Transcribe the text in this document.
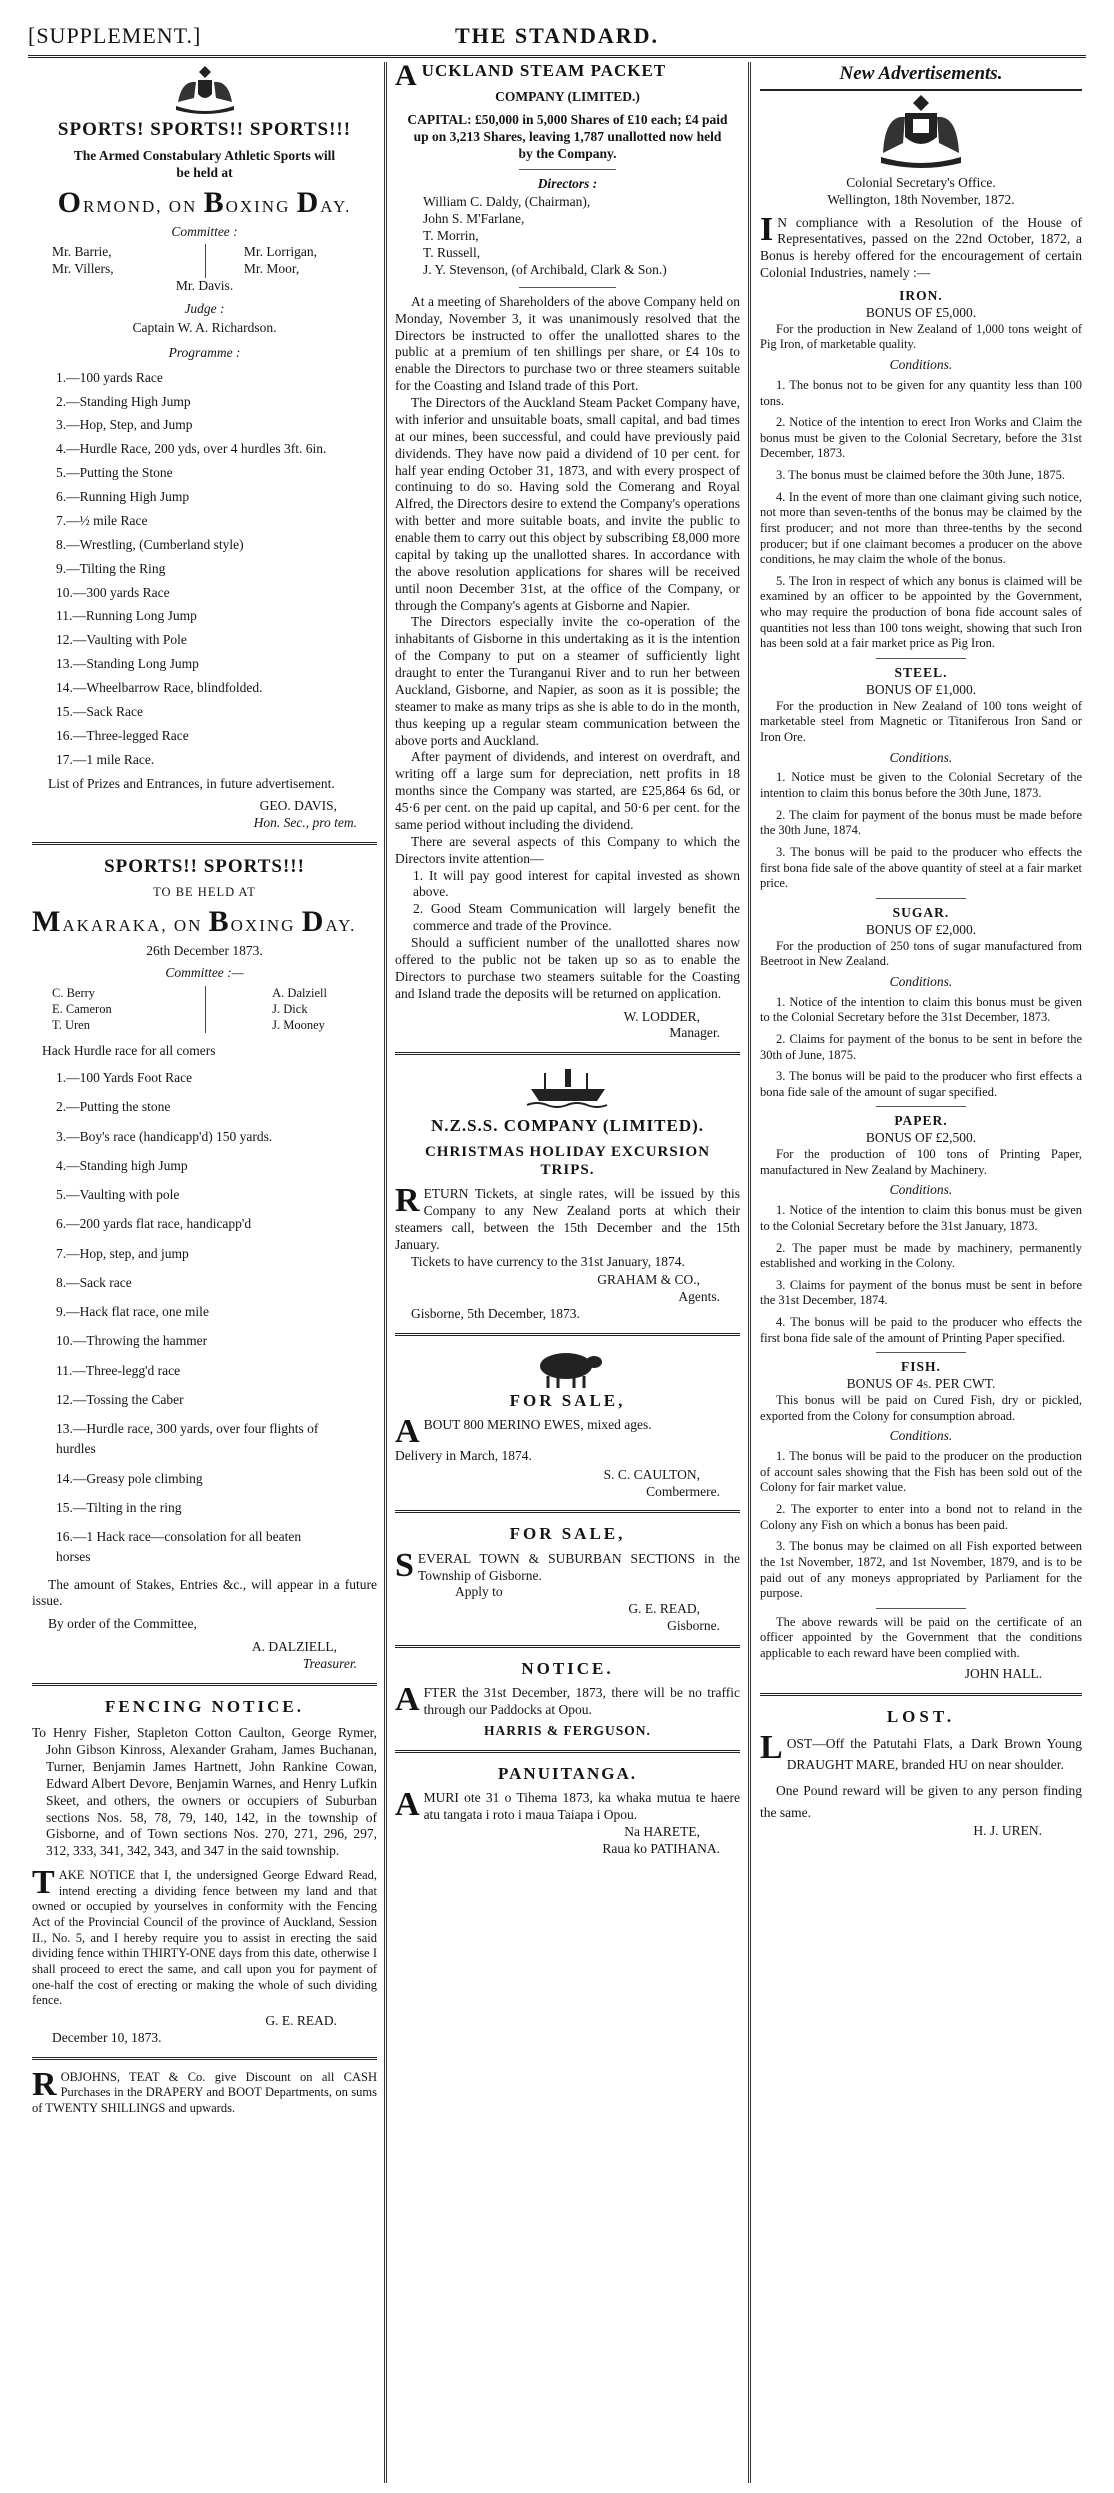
[SUPPLEMENT.]	THE STANDARD.
SPORTS! SPORTS!! SPORTS!!!
The Armed Constabulary Athletic Sports will be held at
ORMOND, ON BOXING DAY.
Committee :
Mr. Barrie,
Mr. Villers,
Mr. Lorrigan,
Mr. Moor,
Mr. Davis.
Judge :
Captain W. A. Richardson.
Programme :
1.—100 yards Race
2.—Standing High Jump
3.—Hop, Step, and Jump
4.—Hurdle Race, 200 yds, over 4 hurdles 3ft. 6in.
5.—Putting the Stone
6.—Running High Jump
7.—½ mile Race
8.—Wrestling, (Cumberland style)
9.—Tilting the Ring
10.—300 yards Race
11.—Running Long Jump
12.—Vaulting with Pole
13.—Standing Long Jump
14.—Wheelbarrow Race, blindfolded.
15.—Sack Race
16.—Three-legged Race
17.—1 mile Race.

List of Prizes and Entrances, in future advertisement.

GEO. DAVIS,
Hon. Sec., pro tem.
SPORTS!! SPORTS!!!
TO BE HELD AT
MAKARAKA, ON BOXING DAY.
26th December 1873.
Committee :—
C. Berry
E. Cameron
T. Uren
A. Dalziell
J. Dick
J. Mooney
Hack Hurdle race for all comers
1.—100 Yards Foot Race
2.—Putting the stone
3.—Boy's race (handicapp'd) 150 yards.
4.—Standing high Jump
5.—Vaulting with pole
6.—200 yards flat race, handicapp'd
7.—Hop, step, and jump
8.—Sack race
9.—Hack flat race, one mile
10.—Throwing the hammer
11.—Three-legg'd race
12.—Tossing the Caber
13.—Hurdle race, 300 yards, over four flights of hurdles
14.—Greasy pole climbing
15.—Tilting in the ring
16.—1 Hack race—consolation for all beaten horses

The amount of Stakes, Entries &c., will appear in a future issue.

By order of the Committee,

A. DALZIELL,
Treasurer.
FENCING NOTICE.

To Henry Fisher, Stapleton Cotton Caulton, George Rymer, John Gibson Kinross, Alexander Graham, James Buchanan, Turner, Benjamin James Hartnett, John Rankine Cowan, Edward Albert Devore, Benjamin Warnes, and Henry Lufkin Skeet, and others, the owners or occupiers of Suburban sections Nos. 58, 78, 79, 140, 142, in the township of Gisborne, and of Town sections Nos. 270, 271, 296, 297, 312, 333, 341, 342, 343, and 347 in the said township.

TAKE NOTICE that I, the undersigned George Edward Read, intend erecting a dividing fence between my land and that owned or occupied by yourselves in conformity with the Fencing Act of the Provincial Council of the province of Auckland, Session II., No. 5, and I hereby require you to assist in erecting the said dividing fence within THIRTY-ONE days from this date, otherwise I shall proceed to erect the same, and call upon you for payment of one-half the cost of erecting or making the whole of such dividing fence.

G. E. READ.
December 10, 1873.

ROBJOHNS, TEAT & Co. give Discount on all CASH Purchases in the DRAPERY and BOOT Departments, on sums of TWENTY SHILLINGS and upwards.

AUCKLAND STEAM PACKET
COMPANY (LIMITED.)

CAPITAL: £50,000 in 5,000 Shares of £10 each; £4 paid up on 3,213 Shares, leaving 1,787 unallotted now held by the Company.

Directors :
William C. Daldy, (Chairman),
John S. M'Farlane,
T. Morrin,
T. Russell,
J. Y. Stevenson, (of Archibald, Clark & Son.)

At a meeting of Shareholders of the above Company held on Monday, November 3, it was unanimously resolved that the Directors be instructed to offer the unallotted shares to the public at a premium of ten shillings per share, or £4 10s to enable the Directors to purchase two or three steamers suitable for the Coasting and Island trade of this Port.

The Directors of the Auckland Steam Packet Company have, with inferior and unsuitable boats, small capital, and bad times at our mines, been successful, and could have previously paid dividends. They have now paid a dividend of 10 per cent. for half year ending October 31, 1873, and with every prospect of continuing to do so. Having sold the Comerang and Royal Alfred, the Directors desire to extend the Company's operations with better and more suitable boats, and invite the public to enable them to carry out this object by subscribing £8,000 more capital by taking up the unallotted shares. In accordance with the above resolution applications for shares will be received until noon December 31st, at the office of the Company, or through the Company's agents at Gisborne and Napier.

The Directors especially invite the co-operation of the inhabitants of Gisborne in this undertaking as it is the intention of the Company to put on a steamer of sufficiently light draught to enter the Turanganui River and to run her between Auckland, Gisborne, and Napier, as soon as it is possible; the steamer to make as many trips as she is able to do in the month, thus keeping up a regular steam communication between the above ports and Auckland.

After payment of dividends, and interest on overdraft, and writing off a large sum for depreciation, nett profits in 18 months since the Company was started, are £25,864 6s 6d, or 45·6 per cent. on the paid up capital, and 50·6 per cent. for the same period without including the dividend.

There are several aspects of this Company to which the Directors invite attention—

1. It will pay good interest for capital invested as shown above.

2. Good Steam Communication will largely benefit the commerce and trade of the Province.

Should a sufficient number of the unallotted shares now offered to the public not be taken up so as to enable the Directors to purchase two steamers suitable for the Coasting and Island trade the deposits will be returned on application.

W. LODDER,
Manager.
N.Z.S.S. COMPANY (LIMITED).
CHRISTMAS HOLIDAY EXCURSION TRIPS.

RETURN Tickets, at single rates, will be issued by this Company to any New Zealand ports at which their steamers call, between the 15th December and the 15th January.

Tickets to have currency to the 31st January, 1874.

GRAHAM & CO.,
Agents.
Gisborne, 5th December, 1873.
FOR SALE,

ABOUT 800 MERINO EWES, mixed ages.

Delivery in March, 1874.

S. C. CAULTON,
Combermere.
FOR SALE,

SEVERAL TOWN & SUBURBAN SECTIONS in the Township of Gisborne.

Apply to
G. E. READ,
Gisborne.
NOTICE.

AFTER the 31st December, 1873, there will be no traffic through our Paddocks at Opou.

HARRIS & FERGUSON.
PANUITANGA.

AMURI ote 31 o Tihema 1873, ka whaka mutua te haere atu tangata i roto i maua Taiapa i Opou.

Na HARETE,
Raua ko PATIHANA.
New Advertisements.
Colonial Secretary's Office.
Wellington, 18th November, 1872.

I N compliance with a Resolution of the House of Representatives, passed on the 22nd October, 1872, a Bonus is hereby offered for the encouragement of certain Colonial Industries, namely :—

IRON.
BONUS OF £5,000.

For the production in New Zealand of 1,000 tons weight of Pig Iron, of marketable quality.

Conditions.

1. The bonus not to be given for any quantity less than 100 tons.

2. Notice of the intention to erect Iron Works and Claim the bonus must be given to the Colonial Secretary, before the 31st December, 1873.

3. The bonus must be claimed before the 30th June, 1875.

4. In the event of more than one claimant giving such notice, not more than seven-tenths of the bonus may be claimed by the first producer; and not more than three-tenths by the second producer; but if one claimant becomes a producer on the above conditions, he may claim the whole of the bonus.

5. The Iron in respect of which any bonus is claimed will be examined by an officer to be appointed by the Government, who may require the production of bona fide account sales of quantities not less than 100 tons weight, showing that such Iron has been sold at a fair market price as Pig Iron.

STEEL.
BONUS OF £1,000.

For the production in New Zealand of 100 tons weight of marketable steel from Magnetic or Titaniferous Iron Sand or Iron Ore.

Conditions.

1. Notice must be given to the Colonial Secretary of the intention to claim this bonus before the 30th June, 1873.

2. The claim for payment of the bonus must be made before the 30th June, 1874.

3. The bonus will be paid to the producer who effects the first bona fide sale of the above quantity of steel at a fair market price.

SUGAR.
BONUS OF £2,000.

For the production of 250 tons of sugar manufactured from Beetroot in New Zealand.

Conditions.

1. Notice of the intention to claim this bonus must be given to the Colonial Secretary before the 31st December, 1873.

2. Claims for payment of the bonus to be sent in before the 30th of June, 1875.

3. The bonus will be paid to the producer who first effects a bona fide sale of the amount of sugar specified.

PAPER.
BONUS OF £2,500.

For the production of 100 tons of Printing Paper, manufactured in New Zealand by Machinery.

Conditions.

1. Notice of the intention to claim this bonus must be given to the Colonial Secretary before the 31st January, 1873.

2. The paper must be made by machinery, permanently established and working in the Colony.

3. Claims for payment of the bonus must be sent in before the 31st December, 1874.

4. The bonus will be paid to the producer who effects the first bona fide sale of the amount of Printing Paper specified.

FISH.
BONUS OF 4s. PER CWT.

This bonus will be paid on Cured Fish, dry or pickled, exported from the Colony for consumption abroad.

Conditions.

1. The bonus will be paid to the producer on the production of account sales showing that the Fish has been sold out of the Colony for fair market value.

2. The exporter to enter into a bond not to reland in the Colony any Fish on which a bonus has been paid.

3. The bonus may be claimed on all Fish exported between the 1st November, 1872, and 1st November, 1879, and is to be paid out of any moneys appropriated by Parliament for the purpose.

The above rewards will be paid on the certificate of an officer appointed by the Government that the conditions applicable to each reward have been complied with.

JOHN HALL.
LOST.

LOST—Off the Patutahi Flats, a Dark Brown Young DRAUGHT MARE, branded HU on near shoulder.

One Pound reward will be given to any person finding the same.

H. J. UREN.
